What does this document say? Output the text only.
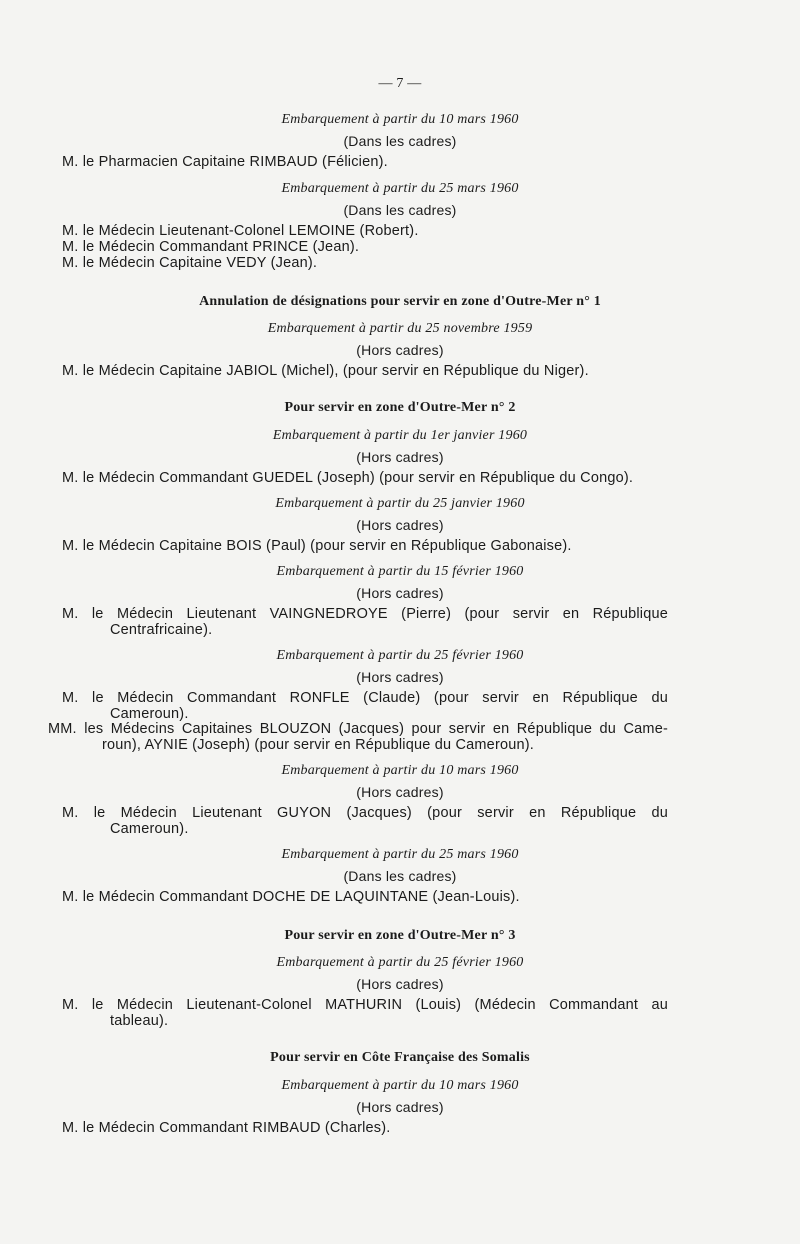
— 7 —
Embarquement à partir du 10 mars 1960
(Dans les cadres)
M. le Pharmacien Capitaine RIMBAUD (Félicien).
Embarquement à partir du 25 mars 1960
(Dans les cadres)
M. le Médecin Lieutenant-Colonel LEMOINE (Robert).
M. le Médecin Commandant PRINCE (Jean).
M. le Médecin Capitaine VEDY (Jean).
Annulation de désignations pour servir en zone d'Outre-Mer n° 1
Embarquement à partir du 25 novembre 1959
(Hors cadres)
M. le Médecin Capitaine JABIOL (Michel), (pour servir en République du Niger).
Pour servir en zone d'Outre-Mer n° 2
Embarquement à partir du 1er janvier 1960
(Hors cadres)
M. le Médecin Commandant GUEDEL (Joseph) (pour servir en République du Congo).
Embarquement à partir du 25 janvier 1960
(Hors cadres)
M. le Médecin Capitaine BOIS (Paul) (pour servir en République Gabonaise).
Embarquement à partir du 15 février 1960
(Hors cadres)
M. le Médecin Lieutenant VAINGNEDROYE (Pierre) (pour servir en République
Centrafricaine).
Embarquement à partir du 25 février 1960
(Hors cadres)
M. le Médecin Commandant RONFLE (Claude) (pour servir en République du
Cameroun).
MM. les Médecins Capitaines BLOUZON (Jacques) pour servir en République du Came-
roun), AYNIE (Joseph) (pour servir en République du Cameroun).
Embarquement à partir du 10 mars 1960
(Hors cadres)
M. le Médecin Lieutenant GUYON (Jacques) (pour servir en République du
Cameroun).
Embarquement à partir du 25 mars 1960
(Dans les cadres)
M. le Médecin Commandant DOCHE DE LAQUINTANE (Jean-Louis).
Pour servir en zone d'Outre-Mer n° 3
Embarquement à partir du 25 février 1960
(Hors cadres)
M. le Médecin Lieutenant-Colonel MATHURIN (Louis) (Médecin Commandant au
tableau).
Pour servir en Côte Française des Somalis
Embarquement à partir du 10 mars 1960
(Hors cadres)
M. le Médecin Commandant RIMBAUD (Charles).
